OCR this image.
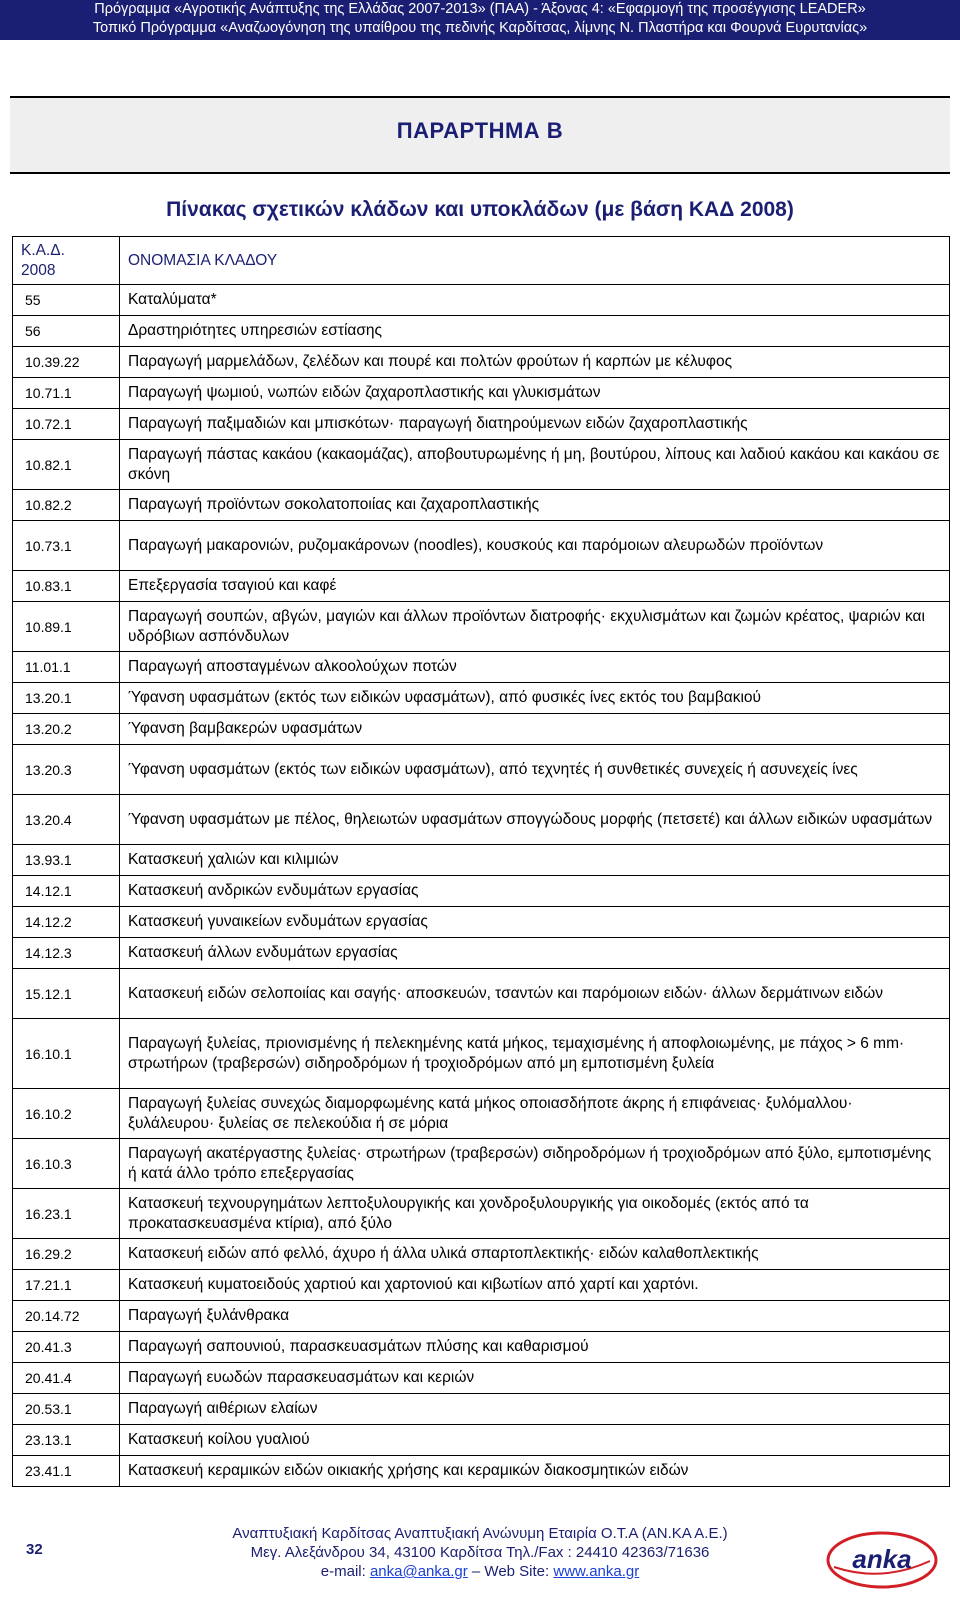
Πρόγραμμα «Αγροτικής Ανάπτυξης της Ελλάδας 2007-2013» (ΠΑΑ) - Άξονας 4: «Εφαρμογή της προσέγγισης LEADER»
Τοπικό Πρόγραμμα «Αναζωογόνηση της υπαίθρου της πεδινής Καρδίτσας, λίμνης Ν. Πλαστήρα και Φουρνά Ευρυτανίας»
ΠΑΡΑΡΤΗΜΑ Β
Πίνακας σχετικών κλάδων και υποκλάδων (με βάση ΚΑΔ 2008)
Κ.Α.Δ.
2008	ΟΝΟΜΑΣΙΑ ΚΛΑΔΟΥ
55	Καταλύματα*
56	Δραστηριότητες υπηρεσιών εστίασης
10.39.22	Παραγωγή μαρμελάδων, ζελέδων και πουρέ και πολτών φρούτων ή καρπών με κέλυφος
10.71.1	Παραγωγή ψωμιού, νωπών ειδών ζαχαροπλαστικής και γλυκισμάτων
10.72.1	Παραγωγή παξιμαδιών και μπισκότων· παραγωγή διατηρούμενων ειδών ζαχαροπλαστικής
10.82.1	Παραγωγή πάστας κακάου (κακαομάζας), αποβουτυρωμένης ή μη, βουτύρου, λίπους και λαδιού κακάου και κακάου σε σκόνη
10.82.2	Παραγωγή προϊόντων σοκολατοποιίας και ζαχαροπλαστικής
10.73.1	Παραγωγή μακαρονιών, ρυζομακάρονων (noodles), κουσκούς και παρόμοιων αλευρωδών προϊόντων
10.83.1	Επεξεργασία τσαγιού και καφέ
10.89.1	Παραγωγή σουπών, αβγών, μαγιών και άλλων προϊόντων διατροφής· εκχυλισμάτων και ζωμών κρέατος, ψαριών και υδρόβιων ασπόνδυλων
11.01.1	Παραγωγή αποσταγμένων αλκοολούχων ποτών
13.20.1	Ύφανση υφασμάτων (εκτός των ειδικών υφασμάτων), από φυσικές ίνες εκτός του βαμβακιού
13.20.2	Ύφανση βαμβακερών υφασμάτων
13.20.3	Ύφανση υφασμάτων (εκτός των ειδικών υφασμάτων), από τεχνητές ή συνθετικές συνεχείς ή ασυνεχείς ίνες
13.20.4	Ύφανση υφασμάτων με πέλος, θηλειωτών υφασμάτων σπογγώδους μορφής (πετσετέ) και άλλων ειδικών υφασμάτων
13.93.1	Κατασκευή χαλιών και κιλιμιών
14.12.1	Κατασκευή ανδρικών ενδυμάτων εργασίας
14.12.2	Κατασκευή γυναικείων ενδυμάτων εργασίας
14.12.3	Κατασκευή άλλων ενδυμάτων εργασίας
15.12.1	Κατασκευή ειδών σελοποιίας και σαγής· αποσκευών, τσαντών και παρόμοιων ειδών· άλλων δερμάτινων ειδών
16.10.1	Παραγωγή ξυλείας, πριονισμένης ή πελεκημένης κατά μήκος, τεμαχισμένης ή αποφλοιωμένης, με πάχος > 6 mm· στρωτήρων (τραβερσών) σιδηροδρόμων ή τροχιοδρόμων από μη εμποτισμένη ξυλεία
16.10.2	Παραγωγή ξυλείας συνεχώς διαμορφωμένης κατά μήκος οποιασδήποτε άκρης ή επιφάνειας· ξυλόμαλλου· ξυλάλευρου· ξυλείας σε πελεκούδια ή σε μόρια
16.10.3	Παραγωγή ακατέργαστης ξυλείας· στρωτήρων (τραβερσών) σιδηροδρόμων ή τροχιοδρόμων από ξύλο, εμποτισμένης ή κατά άλλο τρόπο επεξεργασίας
16.23.1	Κατασκευή τεχνουργημάτων λεπτοξυλουργικής και χονδροξυλουργικής για οικοδομές (εκτός από τα προκατασκευασμένα κτίρια), από ξύλο
16.29.2	Κατασκευή ειδών από φελλό, άχυρο ή άλλα υλικά σπαρτοπλεκτικής· ειδών καλαθοπλεκτικής
17.21.1	Κατασκευή κυματοειδούς χαρτιού και χαρτονιού και κιβωτίων από χαρτί και χαρτόνι.
20.14.72	Παραγωγή ξυλάνθρακα
20.41.3	Παραγωγή σαπουνιού, παρασκευασμάτων πλύσης και καθαρισμού
20.41.4	Παραγωγή ευωδών παρασκευασμάτων και κεριών
20.53.1	Παραγωγή αιθέριων ελαίων
23.13.1	Κατασκευή κοίλου γυαλιού
23.41.1	Κατασκευή κεραμικών ειδών οικιακής χρήσης και κεραμικών διακοσμητικών ειδών
32
Αναπτυξιακή Καρδίτσας Αναπτυξιακή Ανώνυμη Εταιρία Ο.Τ.Α (ΑΝ.ΚΑ Α.Ε.)
Μεγ. Αλεξάνδρου 34, 43100 Καρδίτσα Τηλ./Fax : 24410 42363/71636
e-mail: anka@anka.gr – Web Site: www.anka.gr	anka
